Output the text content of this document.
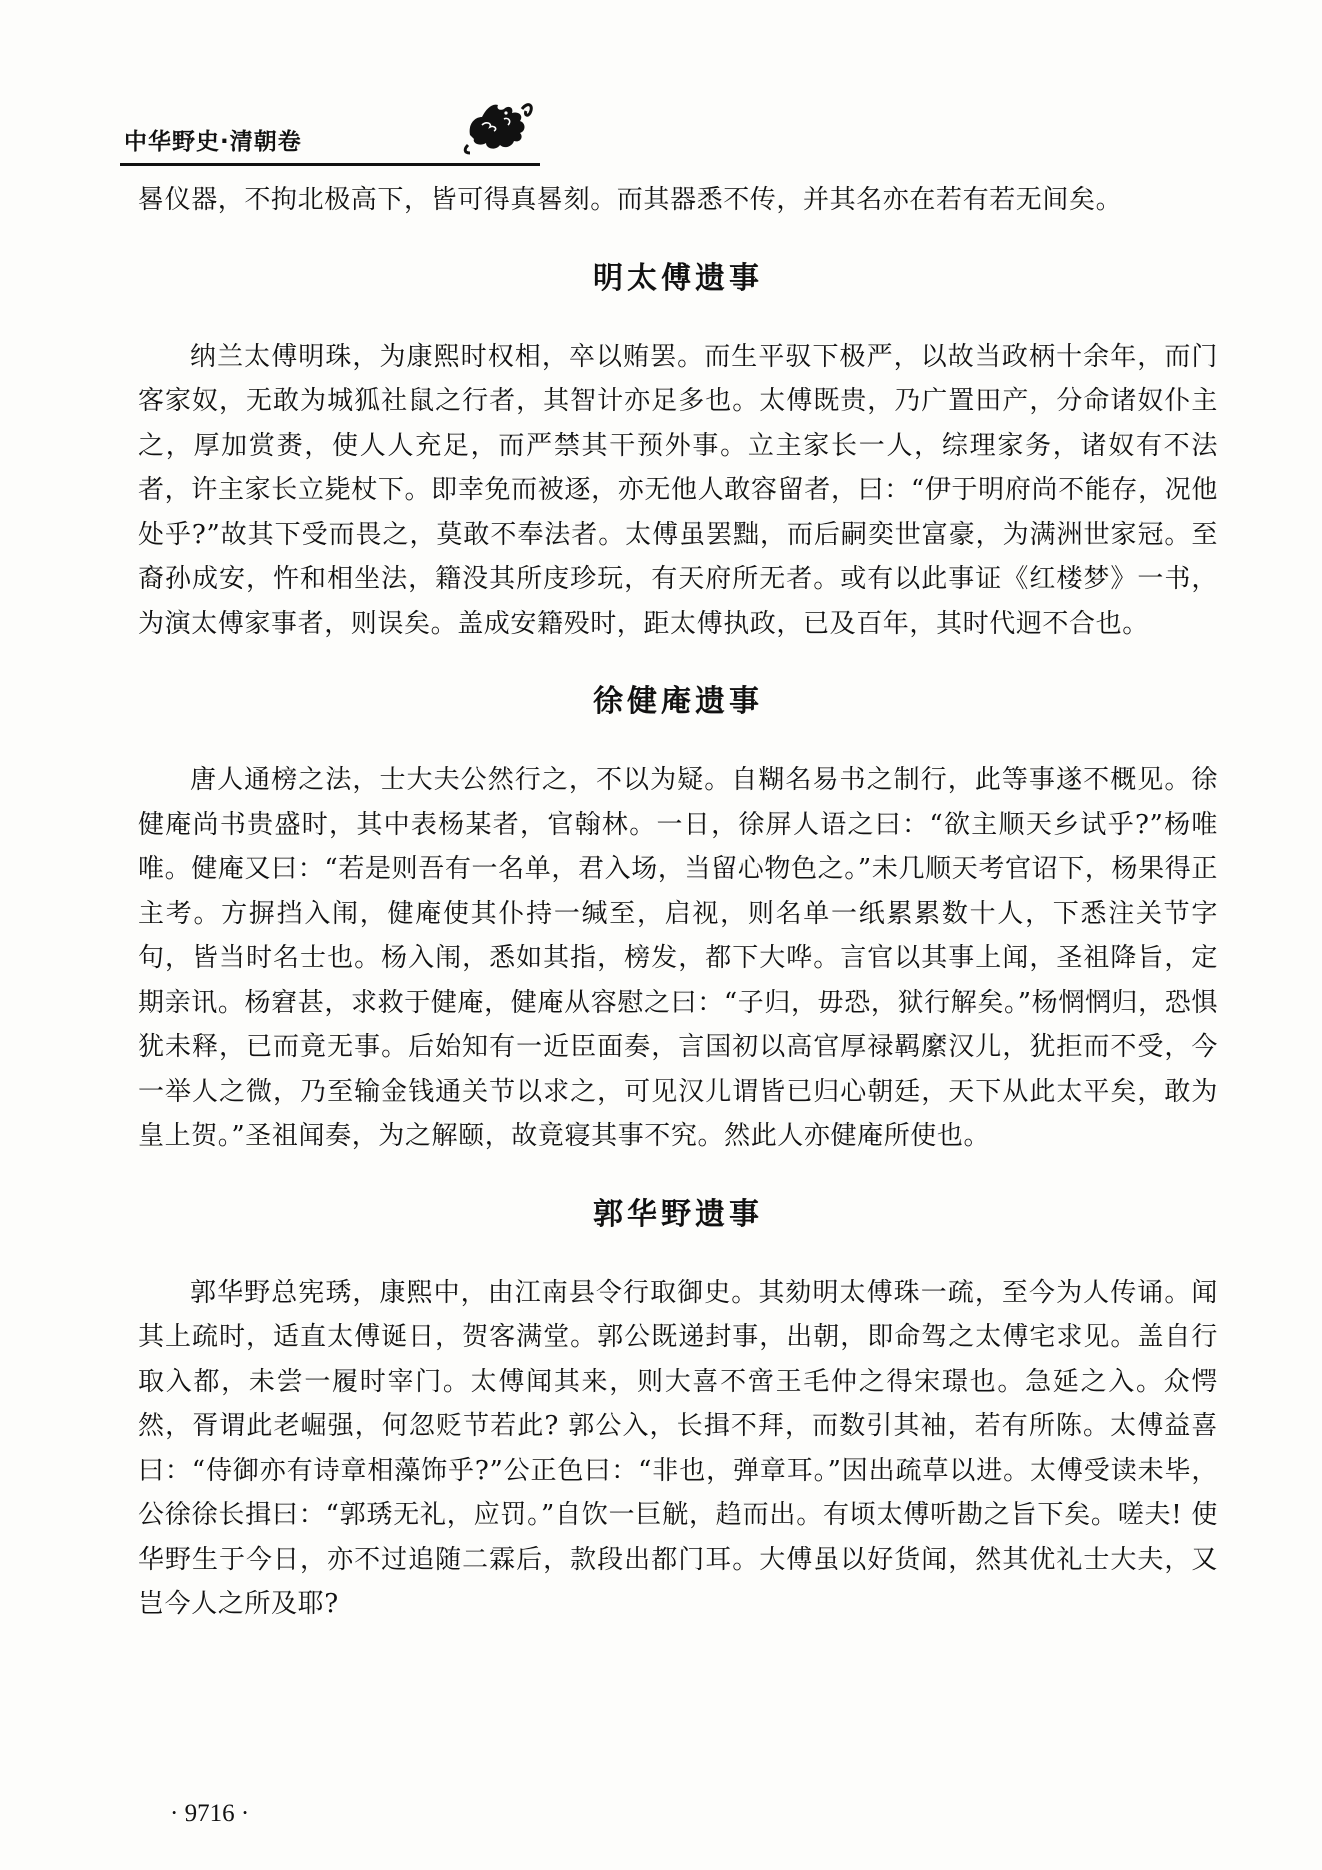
中华野史·清朝卷

晷仪器，不拘北极高下，皆可得真晷刻。而其器悉不传，并其名亦在若有若无间矣。

明太傅遗事

纳兰太傅明珠，为康熙时权相，卒以贿罢。而生平驭下极严，以故当政柄十余年，而门客家奴，无敢为城狐社鼠之行者，其智计亦足多也。太傅既贵，乃广置田产，分命诸奴仆主之，厚加赏赉，使人人充足，而严禁其干预外事。立主家长一人，综理家务，诸奴有不法者，许主家长立毙杖下。即幸免而被逐，亦无他人敢容留者，曰：“伊于明府尚不能存，况他处乎?”故其下受而畏之，莫敢不奉法者。太傅虽罢黜，而后嗣奕世富豪，为满洲世家冠。至裔孙成安，忤和相坐法，籍没其所庋珍玩，有天府所无者。或有以此事证《红楼梦》一书，为演太傅家事者，则误矣。盖成安籍殁时，距太傅执政，已及百年，其时代迥不合也。

徐健庵遗事

唐人通榜之法，士大夫公然行之，不以为疑。自糊名易书之制行，此等事遂不概见。徐健庵尚书贵盛时，其中表杨某者，官翰林。一日，徐屏人语之曰：“欲主顺天乡试乎?”杨唯唯。健庵又曰：“若是则吾有一名单，君入场，当留心物色之。”未几顺天考官诏下，杨果得正主考。方摒挡入闱，健庵使其仆持一缄至，启视，则名单一纸累累数十人，下悉注关节字句，皆当时名士也。杨入闱，悉如其指，榜发，都下大哗。言官以其事上闻，圣祖降旨，定期亲讯。杨窘甚，求救于健庵，健庵从容慰之曰：“子归，毋恐，狱行解矣。”杨惘惘归，恐惧犹未释，已而竟无事。后始知有一近臣面奏，言国初以高官厚禄羁縻汉儿，犹拒而不受，今一举人之微，乃至输金钱通关节以求之，可见汉儿谓皆已归心朝廷，天下从此太平矣，敢为皇上贺。”圣祖闻奏，为之解颐，故竟寝其事不究。然此人亦健庵所使也。

郭华野遗事

郭华野总宪琇，康熙中，由江南县令行取御史。其劾明太傅珠一疏，至今为人传诵。闻其上疏时，适直太傅诞日，贺客满堂。郭公既递封事，出朝，即命驾之太傅宅求见。盖自行取入都，未尝一履时宰门。太傅闻其来，则大喜不啻王毛仲之得宋璟也。急延之入。众愕然，胥谓此老崛强，何忽贬节若此? 郭公入，长揖不拜，而数引其袖，若有所陈。太傅益喜曰：“侍御亦有诗章相藻饰乎?”公正色曰：“非也，弹章耳。”因出疏草以进。太傅受读未毕，公徐徐长揖曰：“郭琇无礼，应罚。”自饮一巨觥，趋而出。有顷太傅听勘之旨下矣。嗟夫! 使华野生于今日，亦不过追随二霖后，款段出都门耳。大傅虽以好货闻，然其优礼士大夫，又岂今人之所及耶?

· 9716 ·
